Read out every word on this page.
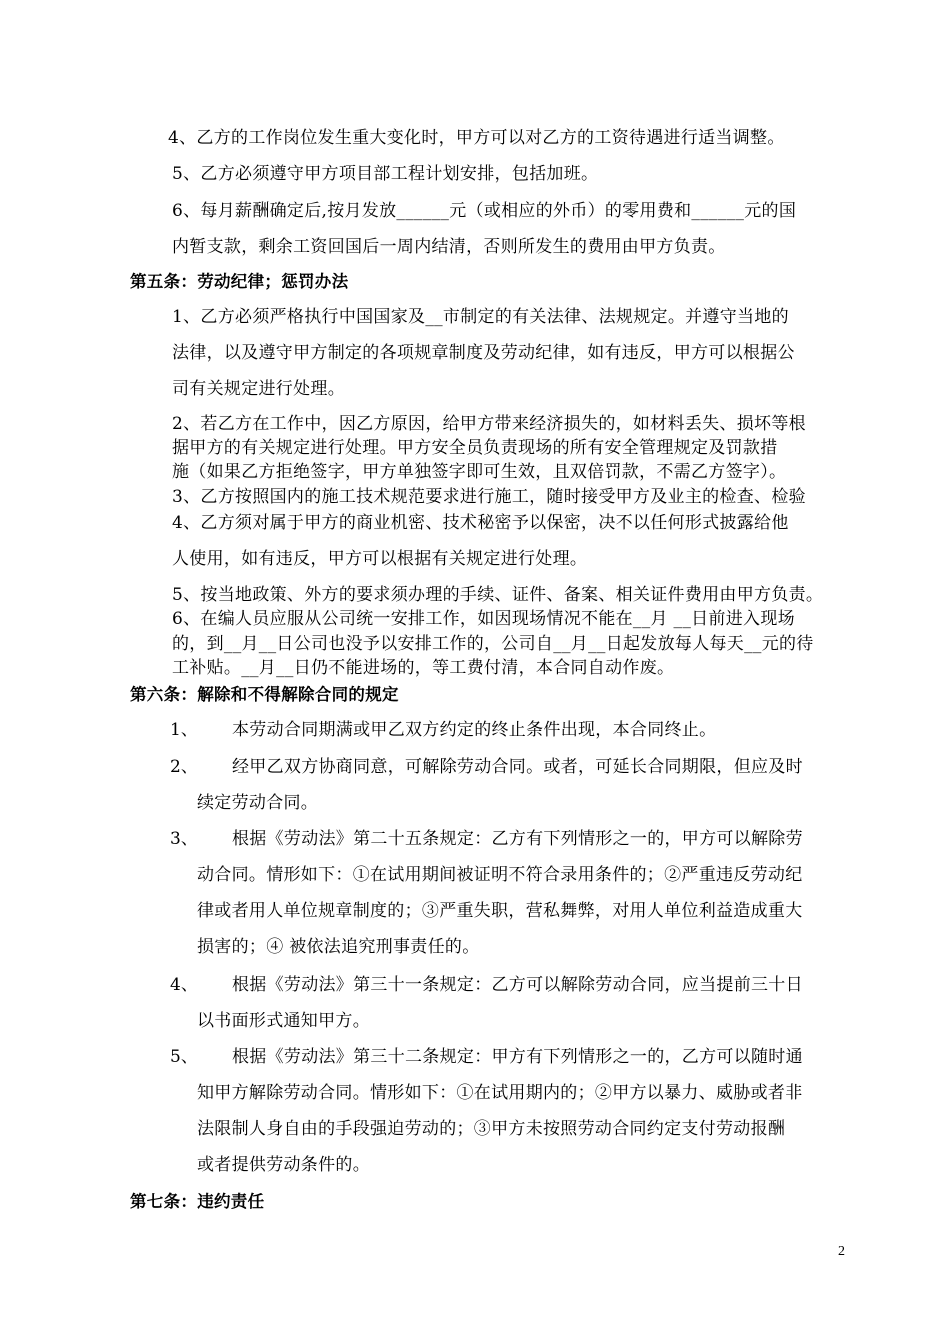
4、乙方的工作岗位发生重大变化时，甲方可以对乙方的工资待遇进行适当调整。
5、乙方必须遵守甲方项目部工程计划安排，包括加班。
6、每月薪酬确定后,按月发放______元（或相应的外币）的零用费和______元的国
内暂支款，剩余工资回国后一周内结清，否则所发生的费用由甲方负责。
第五条：劳动纪律；惩罚办法
1、乙方必须严格执行中国国家及__市制定的有关法律、法规规定。并遵守当地的
法律，以及遵守甲方制定的各项规章制度及劳动纪律，如有违反，甲方可以根据公
司有关规定进行处理。
2、若乙方在工作中，因乙方原因，给甲方带来经济损失的，如材料丢失、损坏等根
据甲方的有关规定进行处理。甲方安全员负责现场的所有安全管理规定及罚款措
施（如果乙方拒绝签字，甲方单独签字即可生效，且双倍罚款，不需乙方签字）。
3、乙方按照国内的施工技术规范要求进行施工，随时接受甲方及业主的检查、检验
4、乙方须对属于甲方的商业机密、技术秘密予以保密，决不以任何形式披露给他
人使用，如有违反，甲方可以根据有关规定进行处理。
5、按当地政策、外方的要求须办理的手续、证件、备案、相关证件费用由甲方负责。
6、在编人员应服从公司统一安排工作，如因现场情况不能在__月 __日前进入现场
的，到__月__日公司也没予以安排工作的，公司自__月__日起发放每人每天__元的待
工补贴。__月__日仍不能进场的，等工费付清，本合同自动作废。
第六条：解除和不得解除合同的规定
1、 本劳动合同期满或甲乙双方约定的终止条件出现，本合同终止。
2、 经甲乙双方协商同意，可解除劳动合同。或者，可延长合同期限，但应及时
续定劳动合同。
3、 根据《劳动法》第二十五条规定：乙方有下列情形之一的，甲方可以解除劳
动合同。情形如下：①在试用期间被证明不符合录用条件的；②严重违反劳动纪
律或者用人单位规章制度的；③严重失职，营私舞弊，对用人单位利益造成重大
损害的；④ 被依法追究刑事责任的。
4、 根据《劳动法》第三十一条规定：乙方可以解除劳动合同，应当提前三十日
以书面形式通知甲方。
5、 根据《劳动法》第三十二条规定：甲方有下列情形之一的，乙方可以随时通
知甲方解除劳动合同。情形如下：①在试用期内的；②甲方以暴力、威胁或者非
法限制人身自由的手段强迫劳动的；③甲方未按照劳动合同约定支付劳动报酬
或者提供劳动条件的。
第七条：违约责任
2
